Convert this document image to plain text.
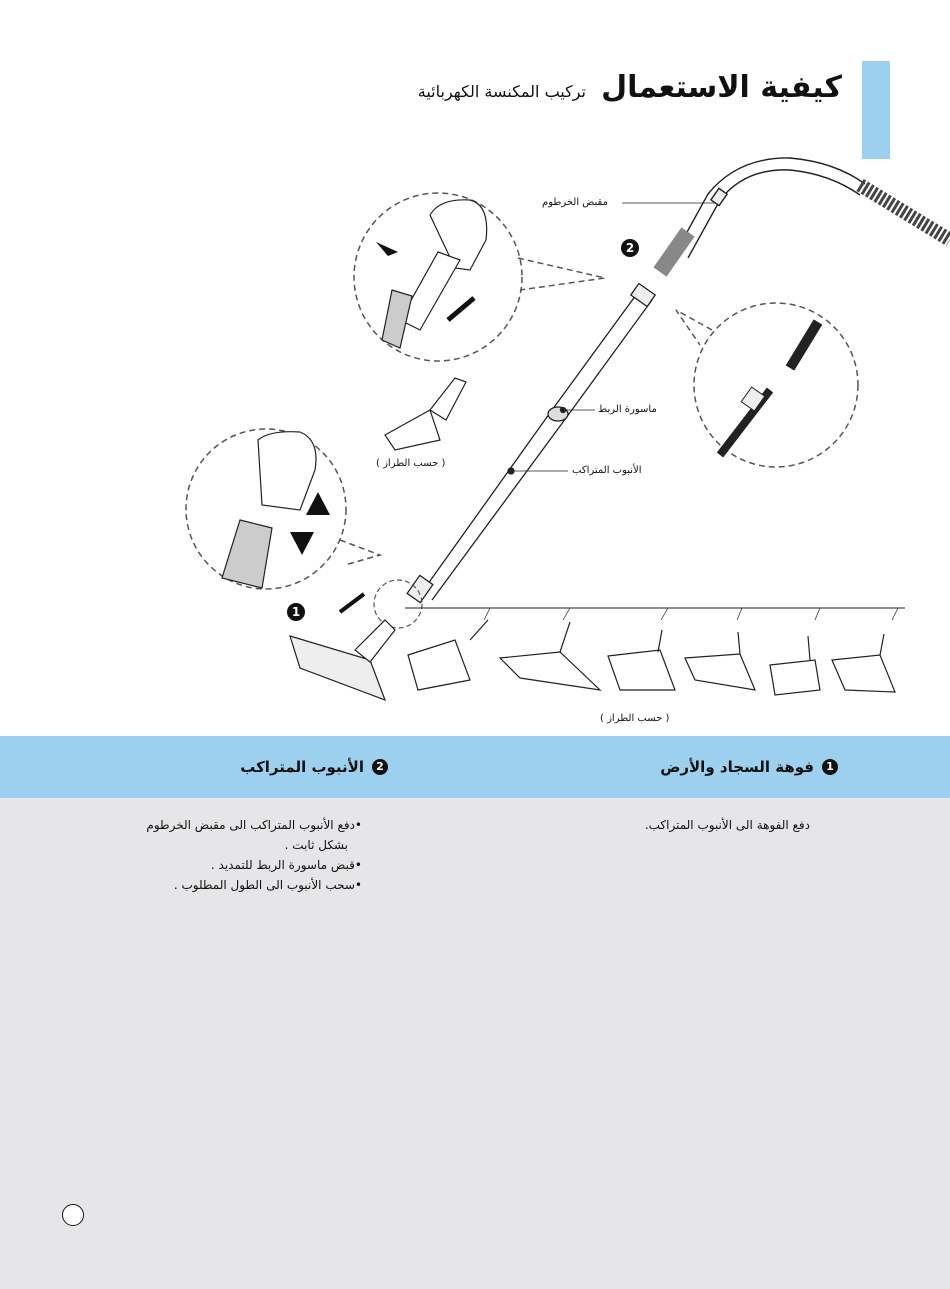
كيفية الاستعمال تركيب المكنسة الكهربائية
2
1
مقبض الخرطوم
ماسورة الربط
الأنبوب المتراكب
( حسب الطراز )
( حسب الطراز )
1
فوهة السجاد والأرض
2
الأنبوب المتراكب
دفع الفوهة الى الأنبوب المتراكب.
•دفع الأنبوب المتراكب الى مقبض الخرطوم
بشكل ثابت .
•قبض ماسورة الربط للتمديد .
•سحب الأنبوب الى الطول المطلوب .
